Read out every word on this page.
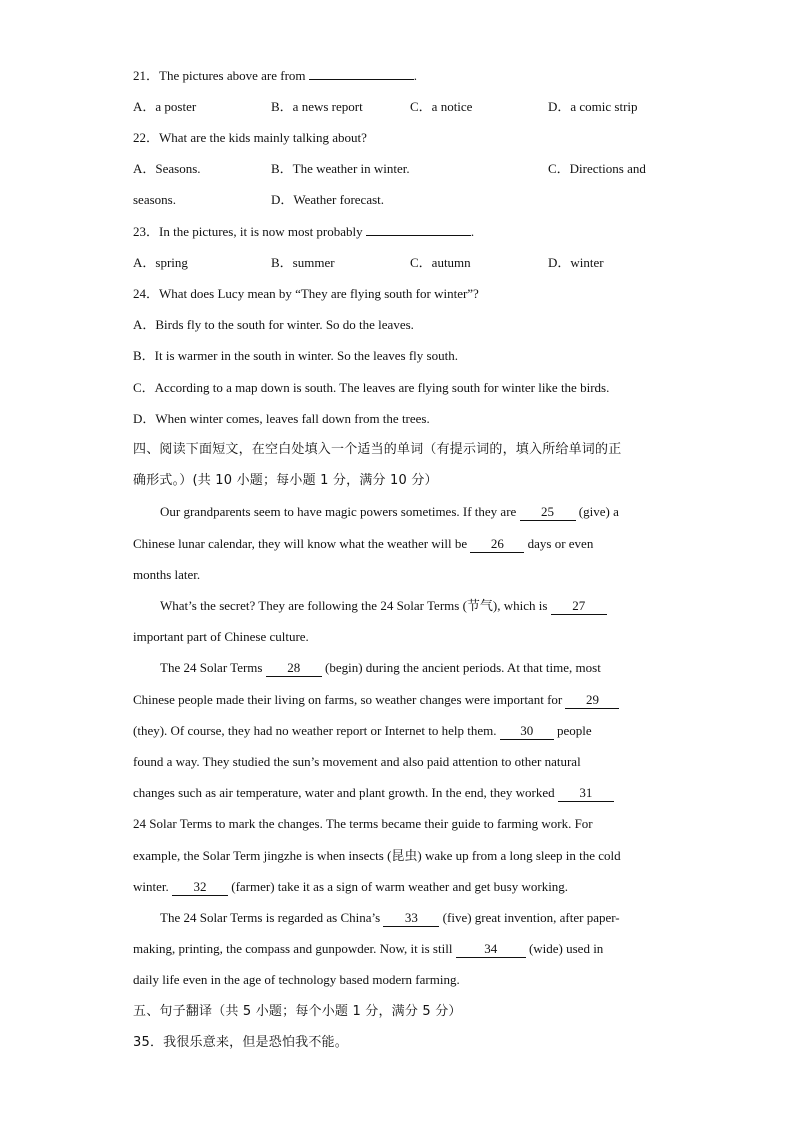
21．The pictures above are from	.
A．a poster	B．a news report	C．a notice	D．a comic strip
22．What are the kids mainly talking about?
A．Seasons.	B．The weather in winter.	C．Directions and
seasons.	D．Weather forecast.
23．In the pictures, it is now most probably	.
A．spring	B．summer	C．autumn	D．winter
24．What does Lucy mean by “They are flying south for winter”?
A．Birds fly to the south for winter. So do the leaves.
B．It is warmer in the south in winter. So the leaves fly south.
C．According to a map down is south. The leaves are flying south for winter like the birds.
D．When winter comes, leaves fall down from the trees.
四、阅读下面短文，在空白处填入一个适当的单词（有提示词的，填入所给单词的正
确形式。）(共 10 小题；每小题 1 分，满分 10 分）
Our grandparents seem to have magic powers sometimes. If they are 25 (give) a
Chinese lunar calendar, they will know what the weather will be 26 days or even
months later.
What’s the secret? They are following the 24 Solar Terms (节气), which is 27
important part of Chinese culture.
The 24 Solar Terms 28 (begin) during the ancient periods. At that time, most
Chinese people made their living on farms, so weather changes were important for 29
(they). Of course, they had no weather report or Internet to help them. 30 people
found a way. They studied the sun’s movement and also paid attention to other natural
changes such as air temperature, water and plant growth. In the end, they worked 31
24 Solar Terms to mark the changes. The terms became their guide to farming work. For
example, the Solar Term jingzhe is when insects (昆虫) wake up from a long sleep in the cold
winter. 32 (farmer) take it as a sign of warm weather and get busy working.
The 24 Solar Terms is regarded as China’s 33 (five) great invention, after paper-
making, printing, the compass and gunpowder. Now, it is still 34 (wide) used in
daily life even in the age of technology based modern farming.
五、句子翻译（共 5 小题；每个小题 1 分，满分 5 分）
35．我很乐意来，但是恐怕我不能。
